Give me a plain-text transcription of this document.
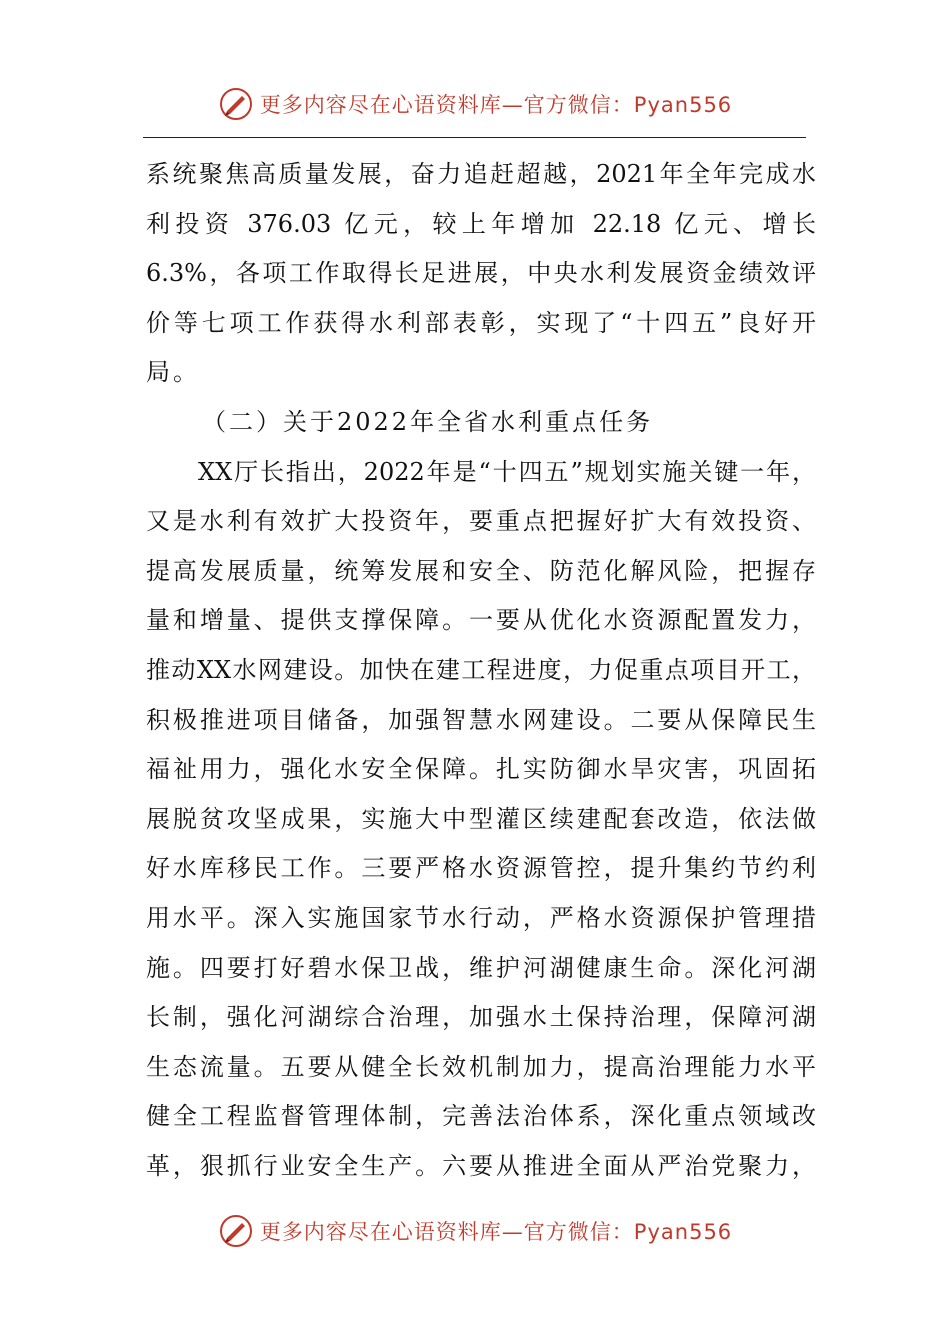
更多内容尽在心语资料库—官方微信：Pyan556
系统聚焦高质量发展，奋力追赶超越，2021年全年完成水
利投资 376.03 亿元，较上年增加 22.18 亿元、增长
6.3%，各项工作取得长足进展，中央水利发展资金绩效评
价等七项工作获得水利部表彰，实现了“十四五”良好开
局。
（二）关于2022年全省水利重点任务
XX厅长指出，2022年是“十四五”规划实施关键一年，
又是水利有效扩大投资年，要重点把握好扩大有效投资、
提高发展质量，统筹发展和安全、防范化解风险，把握存
量和增量、提供支撑保障。一要从优化水资源配置发力，
推动XX水网建设。加快在建工程进度，力促重点项目开工，
积极推进项目储备，加强智慧水网建设。二要从保障民生
福祉用力，强化水安全保障。扎实防御水旱灾害，巩固拓
展脱贫攻坚成果，实施大中型灌区续建配套改造，依法做
好水库移民工作。三要严格水资源管控，提升集约节约利
用水平。深入实施国家节水行动，严格水资源保护管理措
施。四要打好碧水保卫战，维护河湖健康生命。深化河湖
长制，强化河湖综合治理，加强水土保持治理，保障河湖
生态流量。五要从健全长效机制加力，提高治理能力水平
健全工程监督管理体制，完善法治体系，深化重点领域改
革，狠抓行业安全生产。六要从推进全面从严治党聚力，
更多内容尽在心语资料库—官方微信：Pyan556
